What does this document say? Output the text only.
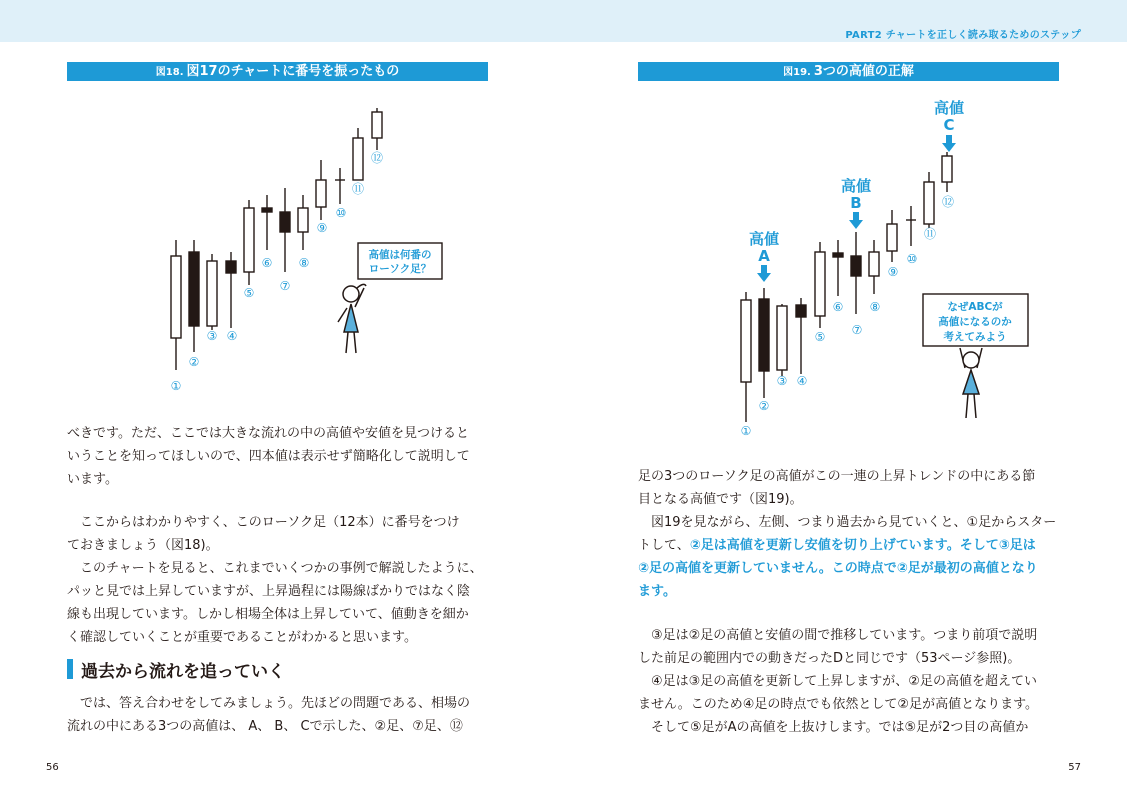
PART2 チャートを正しく読み取るためのステップ
図18. 図17のチャートに番号を振ったもの
①
②
③ ④
⑤
⑥
⑦
⑧
⑨
⑩
⑪
⑫
高値は何番の
ローソク足？
べきです。ただ、ここでは大きな流れの中の高値や安値を見つけると
いうことを知ってほしいので、四本値は表示せず簡略化して説明して
います。
　ここからはわかりやすく、このローソク足（12本）に番号をつけ
ておきましょう（図18)。
　このチャートを見ると、これまでいくつかの事例で解説したように、
パッと見では上昇していますが、上昇過程には陽線ばかりではなく陰
線も出現しています。しかし相場全体は上昇していて、値動きを細か
く確認していくことが重要であることがわかると思います。
過去から流れを追っていく
　では、答え合わせをしてみましょう。先ほどの問題である、相場の
流れの中にある3つの高値は、 A、 B、 Cで示した、②足、⑦足、⑫
56
図19. 3つの高値の正解
①
②
③ ④
⑤
⑥
⑦
⑧
⑨
⑩
⑪
⑫
高値
A
高値
B
高値
C
なぜABCが
高値になるのか
考えてみよう
足の3つのローソク足の高値がこの一連の上昇トレンドの中にある節
目となる高値です（図19)。
　図19を見ながら、左側、つまり過去から見ていくと、①足からスター
トして、②足は高値を更新し安値を切り上げています。そして③足は
②足の高値を更新していません。この時点で②足が最初の高値となり
ます。
　③足は②足の高値と安値の間で推移しています。つまり前項で説明
した前足の範囲内での動きだったDと同じです（53ページ参照)。
　④足は③足の高値を更新して上昇しますが、②足の高値を超えてい
ません。このため④足の時点でも依然として②足が高値となります。
　そして⑤足がAの高値を上抜けします。では⑤足が2つ目の高値か
57
